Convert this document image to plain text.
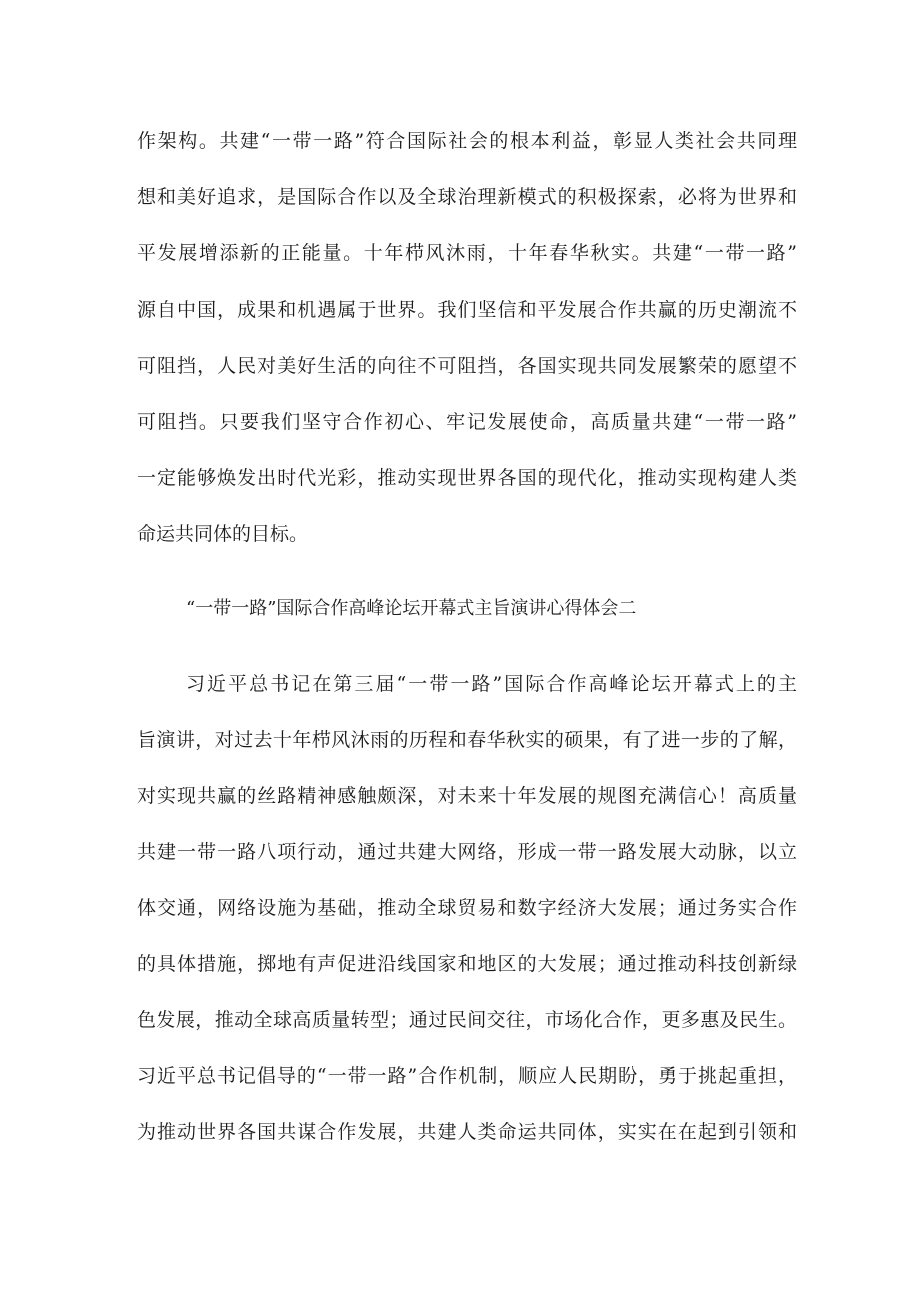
作架构。共建“一带一路”符合国际社会的根本利益，彰显人类社会共同理
想和美好追求，是国际合作以及全球治理新模式的积极探索，必将为世界和
平发展增添新的正能量。十年栉风沐雨，十年春华秋实。共建“一带一路”
源自中国，成果和机遇属于世界。我们坚信和平发展合作共赢的历史潮流不
可阻挡，人民对美好生活的向往不可阻挡，各国实现共同发展繁荣的愿望不
可阻挡。只要我们坚守合作初心、牢记发展使命，高质量共建“一带一路”
一定能够焕发出时代光彩，推动实现世界各国的现代化，推动实现构建人类
命运共同体的目标。
“一带一路”国际合作高峰论坛开幕式主旨演讲心得体会二
习近平总书记在第三届“一带一路”国际合作高峰论坛开幕式上的主
旨演讲，对过去十年栉风沐雨的历程和春华秋实的硕果，有了进一步的了解，
对实现共赢的丝路精神感触颇深，对未来十年发展的规图充满信心！高质量
共建一带一路八项行动，通过共建大网络，形成一带一路发展大动脉，以立
体交通，网络设施为基础，推动全球贸易和数字经济大发展；通过务实合作
的具体措施，掷地有声促进沿线国家和地区的大发展；通过推动科技创新绿
色发展，推动全球高质量转型；通过民间交往，市场化合作，更多惠及民生。
习近平总书记倡导的“一带一路”合作机制，顺应人民期盼，勇于挑起重担，
为推动世界各国共谋合作发展，共建人类命运共同体，实实在在起到引领和
